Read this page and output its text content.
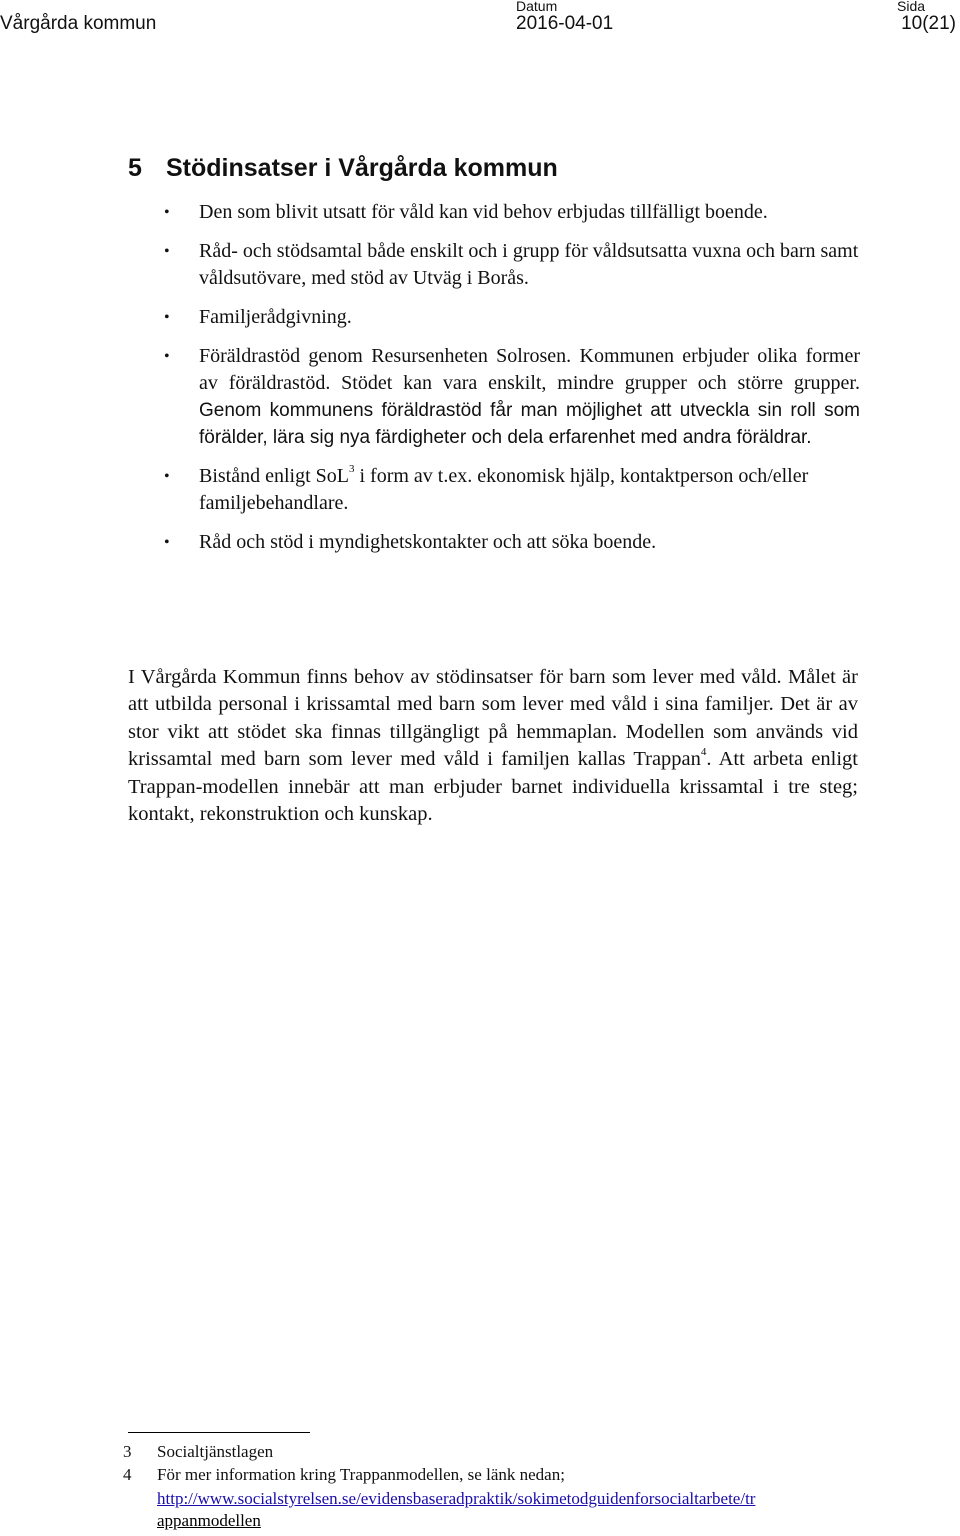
Vårgårda kommun
Datum
2016-04-01
Sida
10(21)
5 Stödinsatser i Vårgårda kommun
• Den som blivit utsatt för våld kan vid behov erbjudas tillfälligt boende.
• Råd- och stödsamtal både enskilt och i grupp för våldsutsatta vuxna och barn samt våldsutövare, med stöd av Utväg i Borås.
• Familjerådgivning.
• Föräldrastöd genom Resursenheten Solrosen. Kommunen erbjuder olika former av föräldrastöd. Stödet kan vara enskilt, mindre grupper och större grupper. Genom kommunens föräldrastöd får man möjlighet att utveckla sin roll som förälder, lära sig nya färdigheter och dela erfarenhet med andra föräldrar.
• Bistånd enligt SoL$^3$ i form av t.ex. ekonomisk hjälp, kontaktperson och/eller familjebehandlare.
• Råd och stöd i myndighetskontakter och att söka boende.

I Vårgårda Kommun finns behov av stödinsatser för barn som lever med våld. Målet är att utbilda personal i krissamtal med barn som lever med våld i sina familjer. Det är av stor vikt att stödet ska finnas tillgängligt på hemmaplan. Modellen som används vid krissamtal med barn som lever med våld i familjen kallas Trappan$^4$. Att arbeta enligt Trappan-modellen innebär att man erbjuder barnet individuella krissamtal i tre steg; kontakt, rekonstruktion och kunskap.

3 Socialtjänstlagen
4 För mer information kring Trappanmodellen, se länk nedan;
http://www.socialstyrelsen.se/evidensbaseradpraktik/sokimetodguidenforsocialtarbete/tr
appanmodellen
